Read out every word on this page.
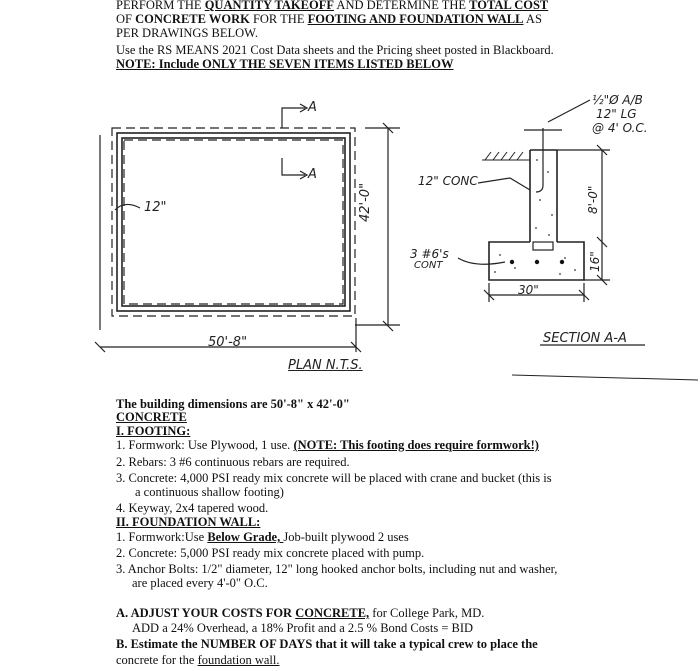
PERFORM THE QUANTITY TAKEOFF AND DETERMINE THE TOTAL COST
OF CONCRETE WORK FOR THE FOOTING AND FOUNDATION WALL AS
PER DRAWINGS BELOW.
Use the RS MEANS 2021 Cost Data sheets and the Pricing sheet posted in Blackboard.
NOTE: Include ONLY THE SEVEN ITEMS LISTED BELOW
A
A
12"
50'-8"
42'-0"
PLAN N.T.S.
½"Ø A/B
12" LG
@ 4' O.C.
12" CONC
3 #6's
CONT
8'-0"
16"
30"
SECTION A-A
The building dimensions are 50'-8" x 42'-0"
CONCRETE
I. FOOTING:
1. Formwork: Use Plywood, 1 use. (NOTE: This footing does require formwork!)
2. Rebars: 3 #6 continuous rebars are required.
3. Concrete: 4,000 PSI ready mix concrete will be placed with crane and bucket (this is
a continuous shallow footing)
4. Keyway, 2x4 tapered wood.
II. FOUNDATION WALL:
1. Formwork:Use Below Grade, Job-built plywood 2 uses
2. Concrete: 5,000 PSI ready mix concrete placed with pump.
3. Anchor Bolts: 1/2" diameter, 12" long hooked anchor bolts, including nut and washer,
are placed every 4'-0" O.C.
A. ADJUST YOUR COSTS FOR CONCRETE, for College Park, MD.
ADD a 24% Overhead, a 18% Profit and a 2.5 % Bond Costs = BID
B. Estimate the NUMBER OF DAYS that it will take a typical crew to place the
concrete for the foundation wall.
